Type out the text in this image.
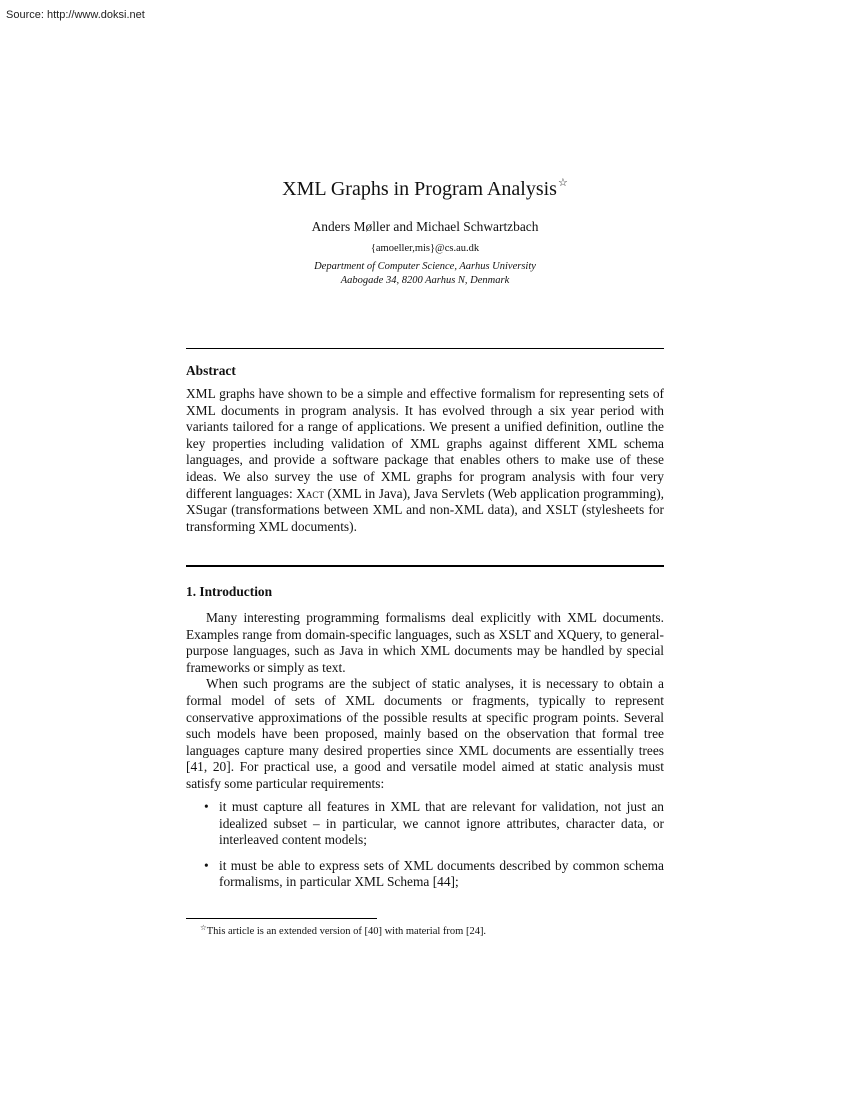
Source: http://www.doksi.net
XML Graphs in Program Analysis☆
Anders Møller and Michael Schwartzbach
{amoeller,mis}@cs.au.dk
Department of Computer Science, Aarhus University
Aabogade 34, 8200 Aarhus N, Denmark
Abstract
XML graphs have shown to be a simple and effective formalism for representing sets of XML documents in program analysis. It has evolved through a six year period with variants tailored for a range of applications. We present a unified definition, outline the key properties including validation of XML graphs against different XML schema languages, and provide a software package that enables others to make use of these ideas. We also survey the use of XML graphs for program analysis with four very different languages: Xact (XML in Java), Java Servlets (Web application programming), XSugar (transformations between XML and non-XML data), and XSLT (stylesheets for transforming XML documents).
1. Introduction

Many interesting programming formalisms deal explicitly with XML documents. Examples range from domain-specific languages, such as XSLT and XQuery, to general-purpose languages, such as Java in which XML documents may be handled by special frameworks or simply as text.

When such programs are the subject of static analyses, it is necessary to obtain a formal model of sets of XML documents or fragments, typically to represent conservative approximations of the possible results at specific program points. Several such models have been proposed, mainly based on the observation that formal tree languages capture many desired properties since XML documents are essentially trees [41, 20]. For practical use, a good and versatile model aimed at static analysis must satisfy some particular requirements:

• it must capture all features in XML that are relevant for validation, not just an idealized subset – in particular, we cannot ignore attributes, character data, or interleaved content models;
• it must be able to express sets of XML documents described by common schema formalisms, in particular XML Schema [44];
☆This article is an extended version of [40] with material from [24].
